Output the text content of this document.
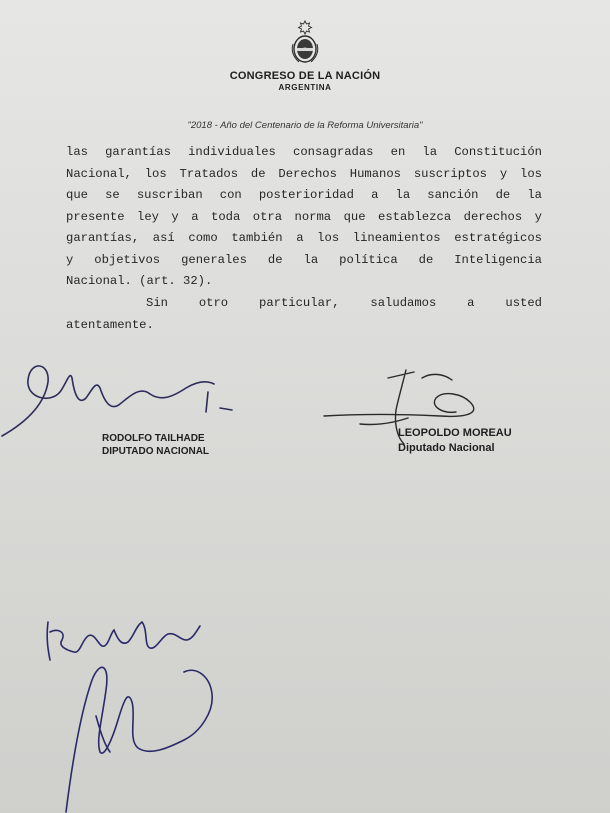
CONGRESO DE LA NACIÓN
ARGENTINA
"2018 - Año del Centenario de la Reforma Universitaria"
las garantías individuales consagradas en la Constitución
Nacional, los Tratados de Derechos Humanos suscriptos y los
que se suscriban con posterioridad a la sanción de la
presente ley y a toda otra norma que establezca derechos y
garantías, así como también a los lineamientos estratégicos
y objetivos generales de la política de Inteligencia
Nacional. (art. 32).
Sin otro particular, saludamos a usted
atentamente.
RODOLFO TAILHADE
DIPUTADO NACIONAL
LEOPOLDO MOREAU
Diputado Nacional
